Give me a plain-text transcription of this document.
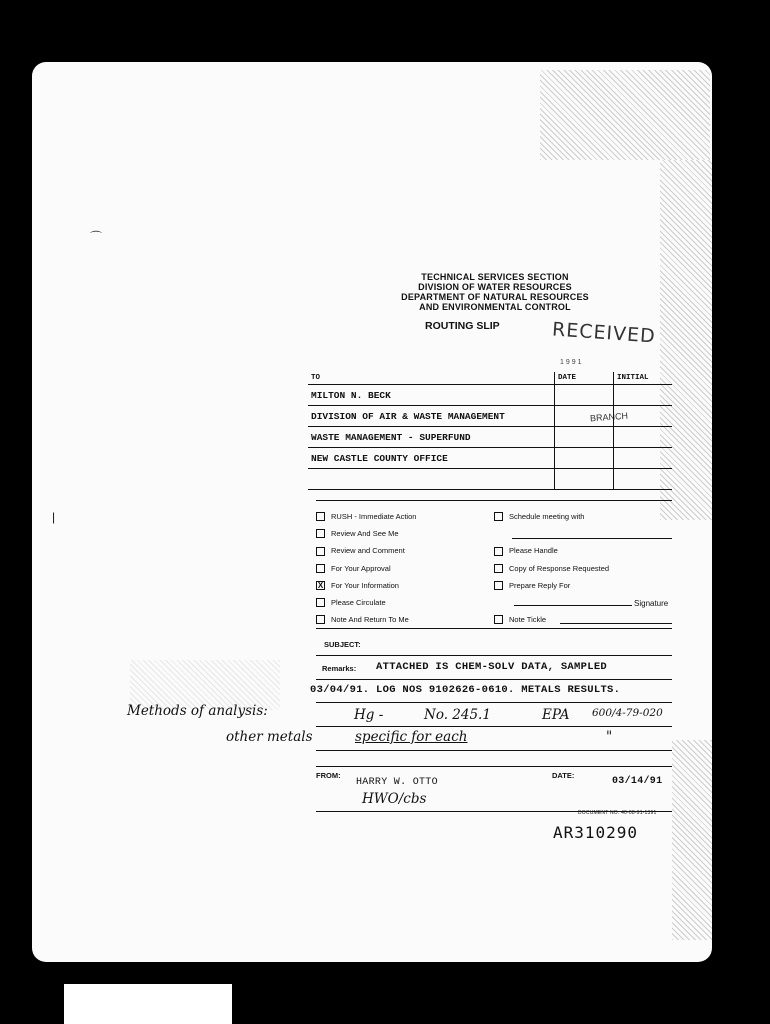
⌒
|
TECHNICAL SERVICES SECTION
DIVISION OF WATER RESOURCES
DEPARTMENT OF NATURAL RESOURCES
AND ENVIRONMENTAL CONTROL
ROUTING SLIP	RECEIVED
1991
BRANCH
TO	DATE	INITIAL
MILTON N. BECK		
DIVISION OF AIR & WASTE MANAGEMENT		
WASTE MANAGEMENT - SUPERFUND		
NEW CASTLE COUNTY OFFICE		

RUSH - Immediate Action
Review And See Me
Review and Comment
For Your Approval
X
For Your Information
Please Circulate
Note And Return To Me
Schedule meeting with

Please Handle
Copy of Response Requested
Prepare Reply For

Note Tickle
Signature
SUBJECT:
Remarks: ATTACHED IS CHEM-SOLV DATA, SAMPLED
03/04/91. LOG NOS 9102626-0610. METALS RESULTS.
Methods of analysis:	Hg -	No. 245.1	EPA 600/4-79-020
other metals	specific for each	"
FROM:
HARRY W. OTTO
DATE:
03/14/91
HWO/cbs
DOCUMENT NO. 40-08-91-1391
AR310290
